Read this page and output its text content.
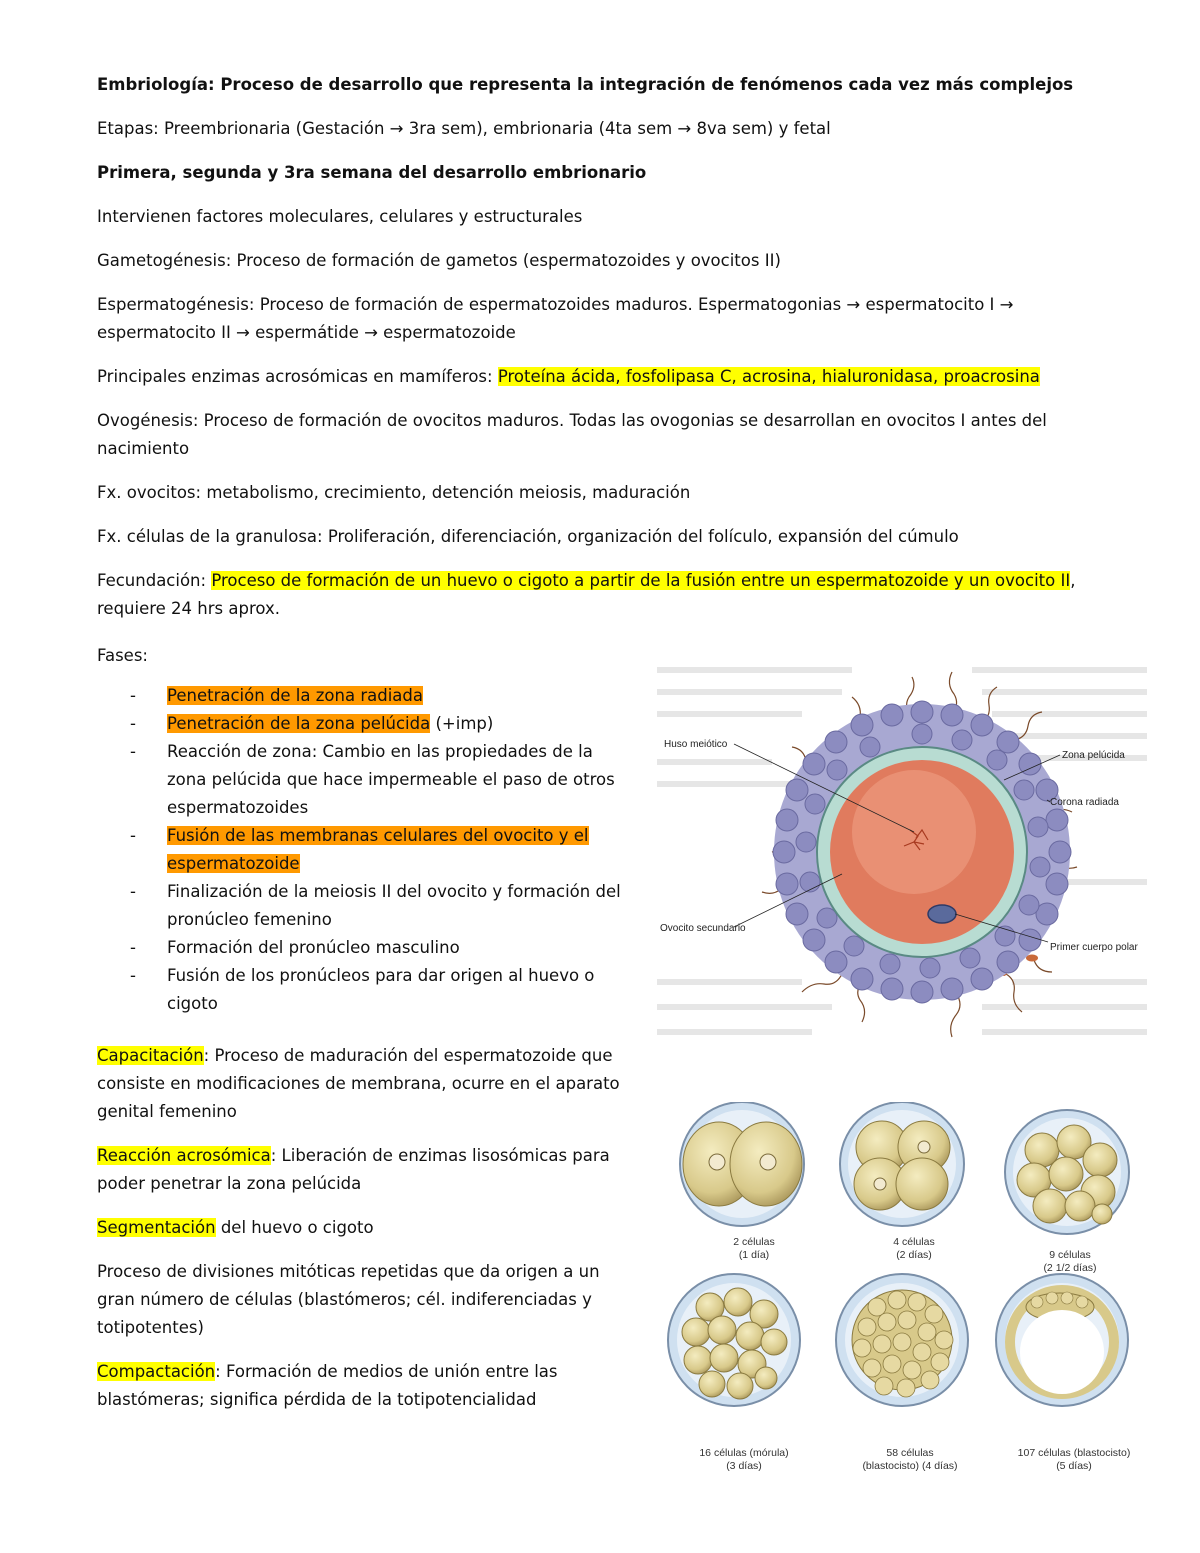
Embriología: Proceso de desarrollo que representa la integración de fenómenos cada vez más complejos

Etapas: Preembrionaria (Gestación → 3ra sem), embrionaria (4ta sem → 8va sem) y fetal

Primera, segunda y 3ra semana del desarrollo embrionario

Intervienen factores moleculares, celulares y estructurales

Gametogénesis: Proceso de formación de gametos (espermatozoides y ovocitos II)

Espermatogénesis: Proceso de formación de espermatozoides maduros. Espermatogonias → espermatocito I → espermatocito II → espermátide → espermatozoide

Principales enzimas acrosómicas en mamíferos: Proteína ácida, fosfolipasa C, acrosina, hialuronidasa, proacrosina

Ovogénesis: Proceso de formación de ovocitos maduros. Todas las ovogonias se desarrollan en ovocitos I antes del nacimiento

Fx. ovocitos: metabolismo, crecimiento, detención meiosis, maduración

Fx. células de la granulosa: Proliferación, diferenciación, organización del folículo, expansión del cúmulo

Fecundación: Proceso de formación de un huevo o cigoto a partir de la fusión entre un espermatozoide y un ovocito II, requiere 24 hrs aprox.

Fases:

- Penetración de la zona radiada
- Penetración de la zona pelúcida (+imp)
- Reacción de zona: Cambio en las propiedades de la zona pelúcida que hace impermeable el paso de otros espermatozoides
- Fusión de las membranas celulares del ovocito y el espermatozoide
- Finalización de la meiosis II del ovocito y formación del pronúcleo femenino
- Formación del pronúcleo masculino
- Fusión de los pronúcleos para dar origen al huevo o cigoto

Capacitación: Proceso de maduración del espermatozoide que consiste en modificaciones de membrana, ocurre en el aparato genital femenino

Reacción acrosómica: Liberación de enzimas lisosómicas para poder penetrar la zona pelúcida

Segmentación del huevo o cigoto

Proceso de divisiones mitóticas repetidas que da origen a un gran número de células (blastómeros; cél. indiferenciadas y totipotentes)

Compactación: Formación de medios de unión entre las blastómeras; significa pérdida de la totipotencialidad

Huso meiótico
Zona pelúcida
Corona radiada
Ovocito secundario
Primer cuerpo polar
2 células
(1 día)
4 células
(2 días)	9 células
(2 1/2 días)
16 células (mórula)
(3 días)
58 células
(blastocisto) (4 días)
107 células (blastocisto)
(5 días)
